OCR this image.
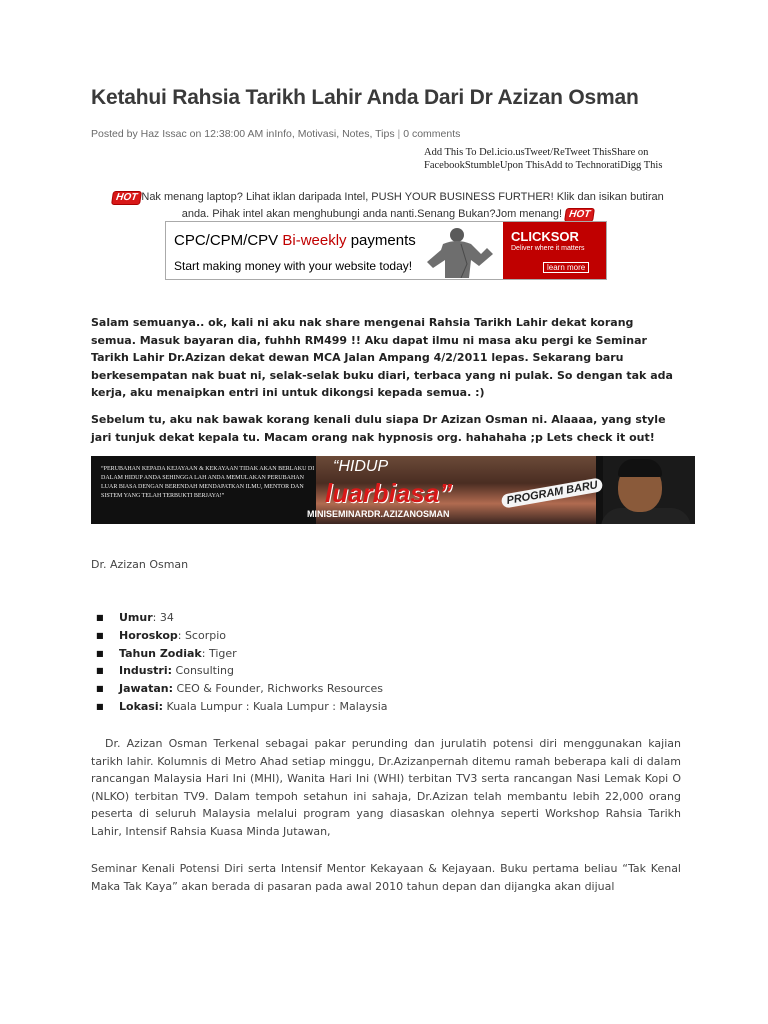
Ketahui Rahsia Tarikh Lahir Anda Dari Dr Azizan Osman
Posted by Haz Issac on 12:38:00 AM inInfo, Motivasi, Notes, Tips | 0 comments
Add This To Del.icio.usTweet/ReTweet ThisShare on FacebookStumbleUpon ThisAdd to TechnoratiDigg This
HOT Nak menang laptop? Lihat iklan daripada Intel, PUSH YOUR BUSINESS FURTHER! Klik dan isikan butiran anda. Pihak intel akan menghubungi anda nanti.Senang Bukan?Jom menang! HOT
CPC/CPM/CPV Bi-weekly payments
Start making money with your website today!
CLICKSOR
Deliver where it matters
learn more

Salam semuanya.. ok, kali ni aku nak share mengenai Rahsia Tarikh Lahir dekat korang semua. Masuk bayaran dia, fuhhh RM499 !! Aku dapat ilmu ni masa aku pergi ke Seminar Tarikh Lahir Dr.Azizan dekat dewan MCA Jalan Ampang 4/2/2011 lepas. Sekarang baru berkesempatan nak buat ni, selak-selak buku diari, terbaca yang ni pulak. So dengan tak ada kerja, aku menaipkan entri ini untuk dikongsi kepada semua. :)

Sebelum tu, aku nak bawak korang kenali dulu siapa Dr Azizan Osman ni. Alaaaa, yang style jari tunjuk dekat kepala tu. Macam orang nak hypnosis org. hahahaha ;p Lets check it out!

“PERUBAHAN KEPADA KEJAYAAN & KEKAYAAN TIDAK AKAN BERLAKU DI DALAM HIDUP ANDA SEHINGGA LAH ANDA MEMULAKAN PERUBAHAN LUAR BIASA DENGAN BERENDAH MENDAPATKAN ILMU, MENTOR DAN SISTEM YANG TELAH TERBUKTI BERJAYA!”
“HIDUP
luarbiasa”
MINISEMINARDR.AZIZANOSMAN
PROGRAM BARU

Dr. Azizan Osman

■ Umur: 34
■ Horoskop: Scorpio
■ Tahun Zodiak: Tiger
■ Industri: Consulting
■ Jawatan: CEO & Founder, Richworks Resources
■ Lokasi: Kuala Lumpur : Kuala Lumpur : Malaysia

Dr. Azizan Osman Terkenal sebagai pakar perunding dan jurulatih potensi diri menggunakan kajian tarikh lahir. Kolumnis di Metro Ahad setiap minggu, Dr.Azizanpernah ditemu ramah beberapa kali di dalam rancangan Malaysia Hari Ini (MHI), Wanita Hari Ini (WHI) terbitan TV3 serta rancangan Nasi Lemak Kopi O (NLKO) terbitan TV9. Dalam tempoh setahun ini sahaja, Dr.Azizan telah membantu lebih 22,000 orang peserta di seluruh Malaysia melalui program yang diasaskan olehnya seperti Workshop Rahsia Tarikh Lahir, Intensif Rahsia Kuasa Minda Jutawan,

Seminar Kenali Potensi Diri serta Intensif Mentor Kekayaan & Kejayaan. Buku pertama beliau “Tak Kenal Maka Tak Kaya” akan berada di pasaran pada awal 2010 tahun depan dan dijangka akan dijual
